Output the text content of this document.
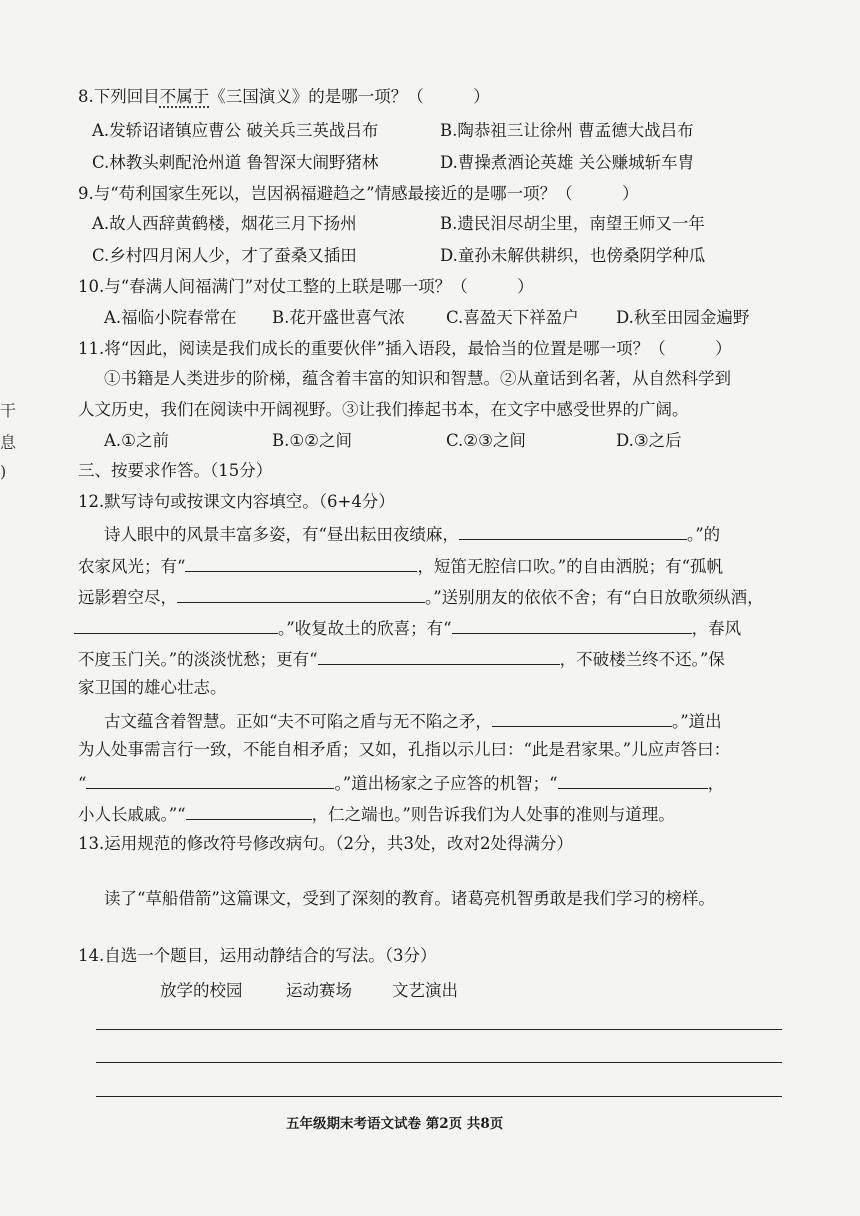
干
息
)
8.下列回目不属于《三国演义》的是哪一项？（　　　）
A.发轿诏诸镇应曹公 破关兵三英战吕布	B.陶恭祖三让徐州 曹孟德大战吕布
C.林教头刺配沧州道 鲁智深大闹野猪林	D.曹操煮酒论英雄 关公赚城斩车胄
9.与“苟利国家生死以，岂因祸福避趋之”情感最接近的是哪一项？（　　　）
A.故人西辞黄鹤楼，烟花三月下扬州	B.遗民泪尽胡尘里，南望王师又一年
C.乡村四月闲人少，才了蚕桑又插田	D.童孙未解供耕织，也傍桑阴学种瓜
10.与“春满人间福满门”对仗工整的上联是哪一项？（　　　）
A.福临小院春常在 B.花开盛世喜气浓 C.喜盈天下祥盈户 D.秋至田园金遍野
11.将“因此，阅读是我们成长的重要伙伴”插入语段，最恰当的位置是哪一项？（　　　）
①书籍是人类进步的阶梯，蕴含着丰富的知识和智慧。②从童话到名著，从自然科学到
人文历史，我们在阅读中开阔视野。③让我们捧起书本，在文字中感受世界的广阔。
A.①之前	B.①②之间	C.②③之间	D.③之后
三、按要求作答。（15分）
12.默写诗句或按课文内容填空。（6+4分）
诗人眼中的风景丰富多姿，有“昼出耘田夜绩麻，	。”的
农家风光；有“	，短笛无腔信口吹。”的自由洒脱；有“孤帆
远影碧空尽，	。”送别朋友的依依不舍；有“白日放歌须纵酒，
。”收复故土的欣喜；有“	，春风
不度玉门关。”的淡淡忧愁；更有“	，不破楼兰终不还。”保
家卫国的雄心壮志。
古文蕴含着智慧。正如“夫不可陷之盾与无不陷之矛，	。”道出
为人处事需言行一致，不能自相矛盾；又如，孔指以示儿曰：“此是君家果。”儿应声答曰：
“	。”道出杨家之子应答的机智；“	，
小人长戚戚。”“	，仁之端也。”则告诉我们为人处事的准则与道理。
13.运用规范的修改符号修改病句。（2分，共3处，改对2处得满分）
读了“草船借箭”这篇课文，受到了深刻的教育。诸葛亮机智勇敢是我们学习的榜样。
14.自选一个题目，运用动静结合的写法。（3分）
放学的校园	运动赛场 文艺演出
五年级期末考语文试卷 第2页 共8页
